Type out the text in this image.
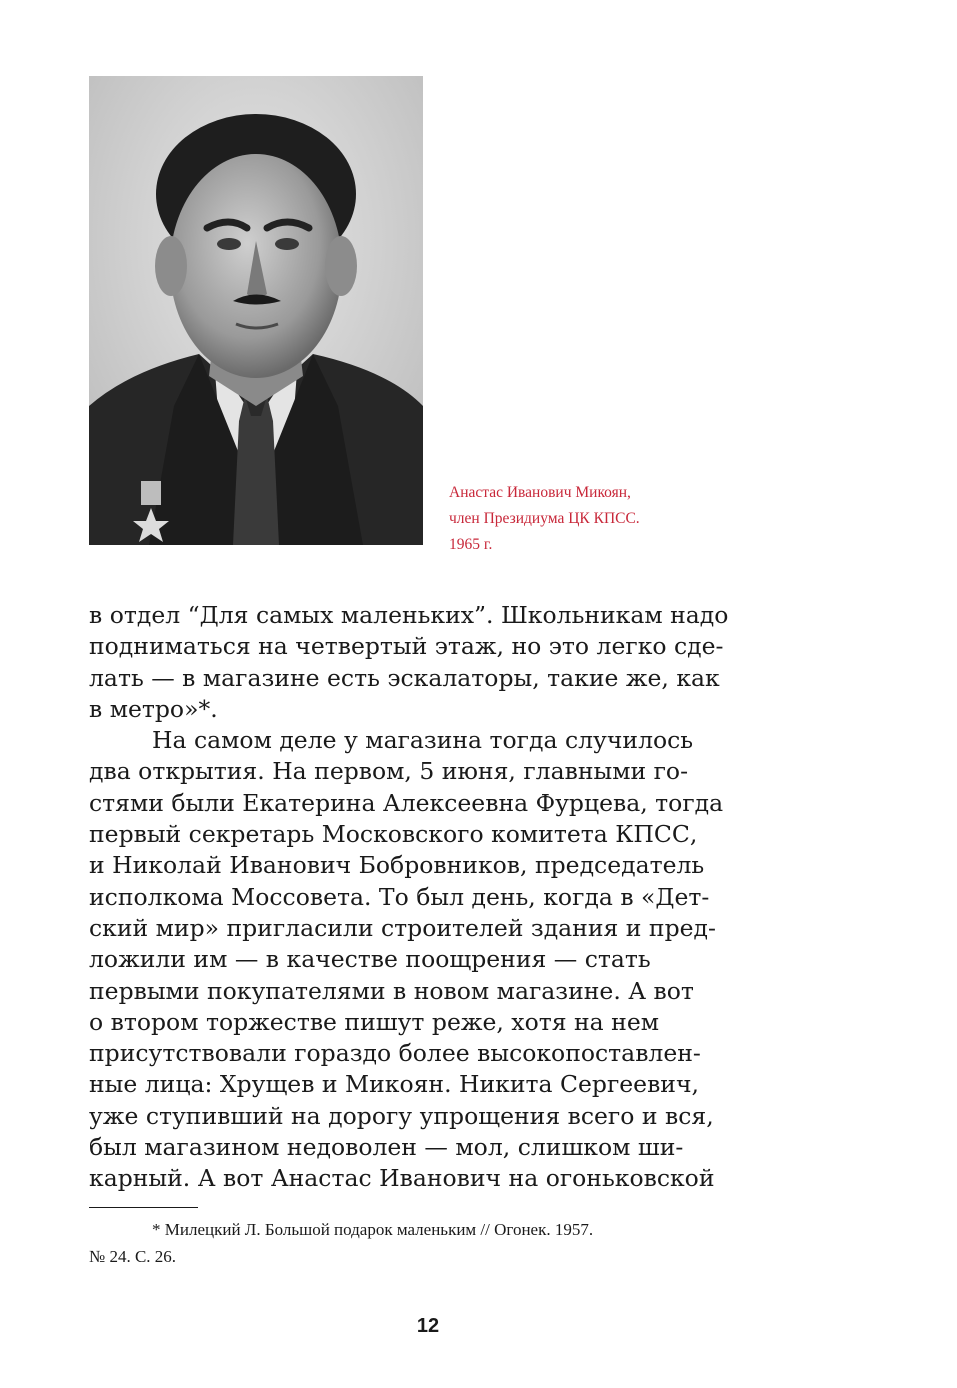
Анастас Иванович Микоян,
член Президиума ЦК КПСС.
1965 г.
в отдел “Для самых маленьких”. Школьникам надо
подниматься на четвертый этаж, но это легко сде-
лать — в магазине есть эскалаторы, такие же, как
в метро»*.
На самом деле у магазина тогда случилось
два открытия. На первом, 5 июня, главными го-
стями были Екатерина Алексеевна Фурцева, тогда
первый секретарь Московского комитета КПСС,
и Николай Иванович Бобровников, председатель
исполкома Моссовета. То был день, когда в «Дет-
ский мир» пригласили строителей здания и пред-
ложили им — в качестве поощрения — стать
первыми покупателями в новом магазине. А вот
о втором торжестве пишут реже, хотя на нем
присутствовали гораздо более высокопоставлен-
ные лица: Хрущев и Микоян. Никита Сергеевич,
уже ступивший на дорогу упрощения всего и вся,
был магазином недоволен — мол, слишком ши-
карный. А вот Анастас Иванович на огоньковской
* Милецкий Л. Большой подарок маленьким // Огонек. 1957.
№ 24. С. 26.
12
